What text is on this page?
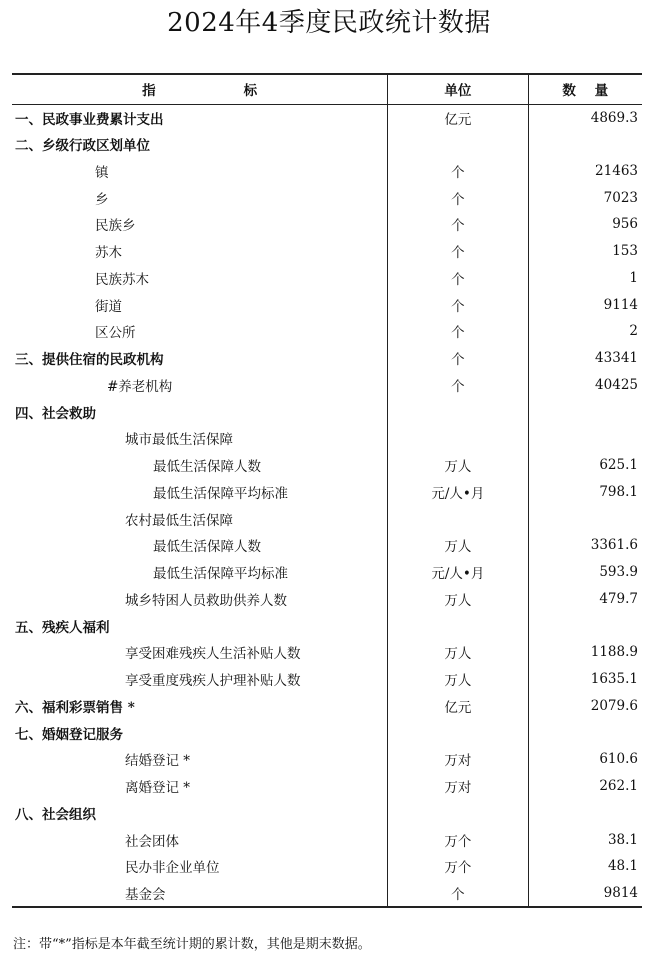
2024年4季度民政统计数据
指 标	单位	数    量
一、民政事业费累计支出	亿元	4869.3
二、乡级行政区划单位		
镇	个	21463
乡	个	7023
民族乡	个	956
苏木	个	153
民族苏木	个	1
街道	个	9114
区公所	个	2
三、提供住宿的民政机构	个	43341
#养老机构	个	40425
四、社会救助		
城市最低生活保障		
最低生活保障人数	万人	625.1
最低生活保障平均标准	元/人•月	798.1
农村最低生活保障		
最低生活保障人数	万人	3361.6
最低生活保障平均标准	元/人•月	593.9
城乡特困人员救助供养人数	万人	479.7
五、残疾人福利		
享受困难残疾人生活补贴人数	万人	1188.9
享受重度残疾人护理补贴人数	万人	1635.1
六、福利彩票销售 *	亿元	2079.6
七、婚姻登记服务		
结婚登记 *	万对	610.6
离婚登记 *	万对	262.1
八、社会组织		
社会团体	万个	38.1
民办非企业单位	万个	48.1
基金会	个	9814
注：带“*”指标是本年截至统计期的累计数，其他是期末数据。
